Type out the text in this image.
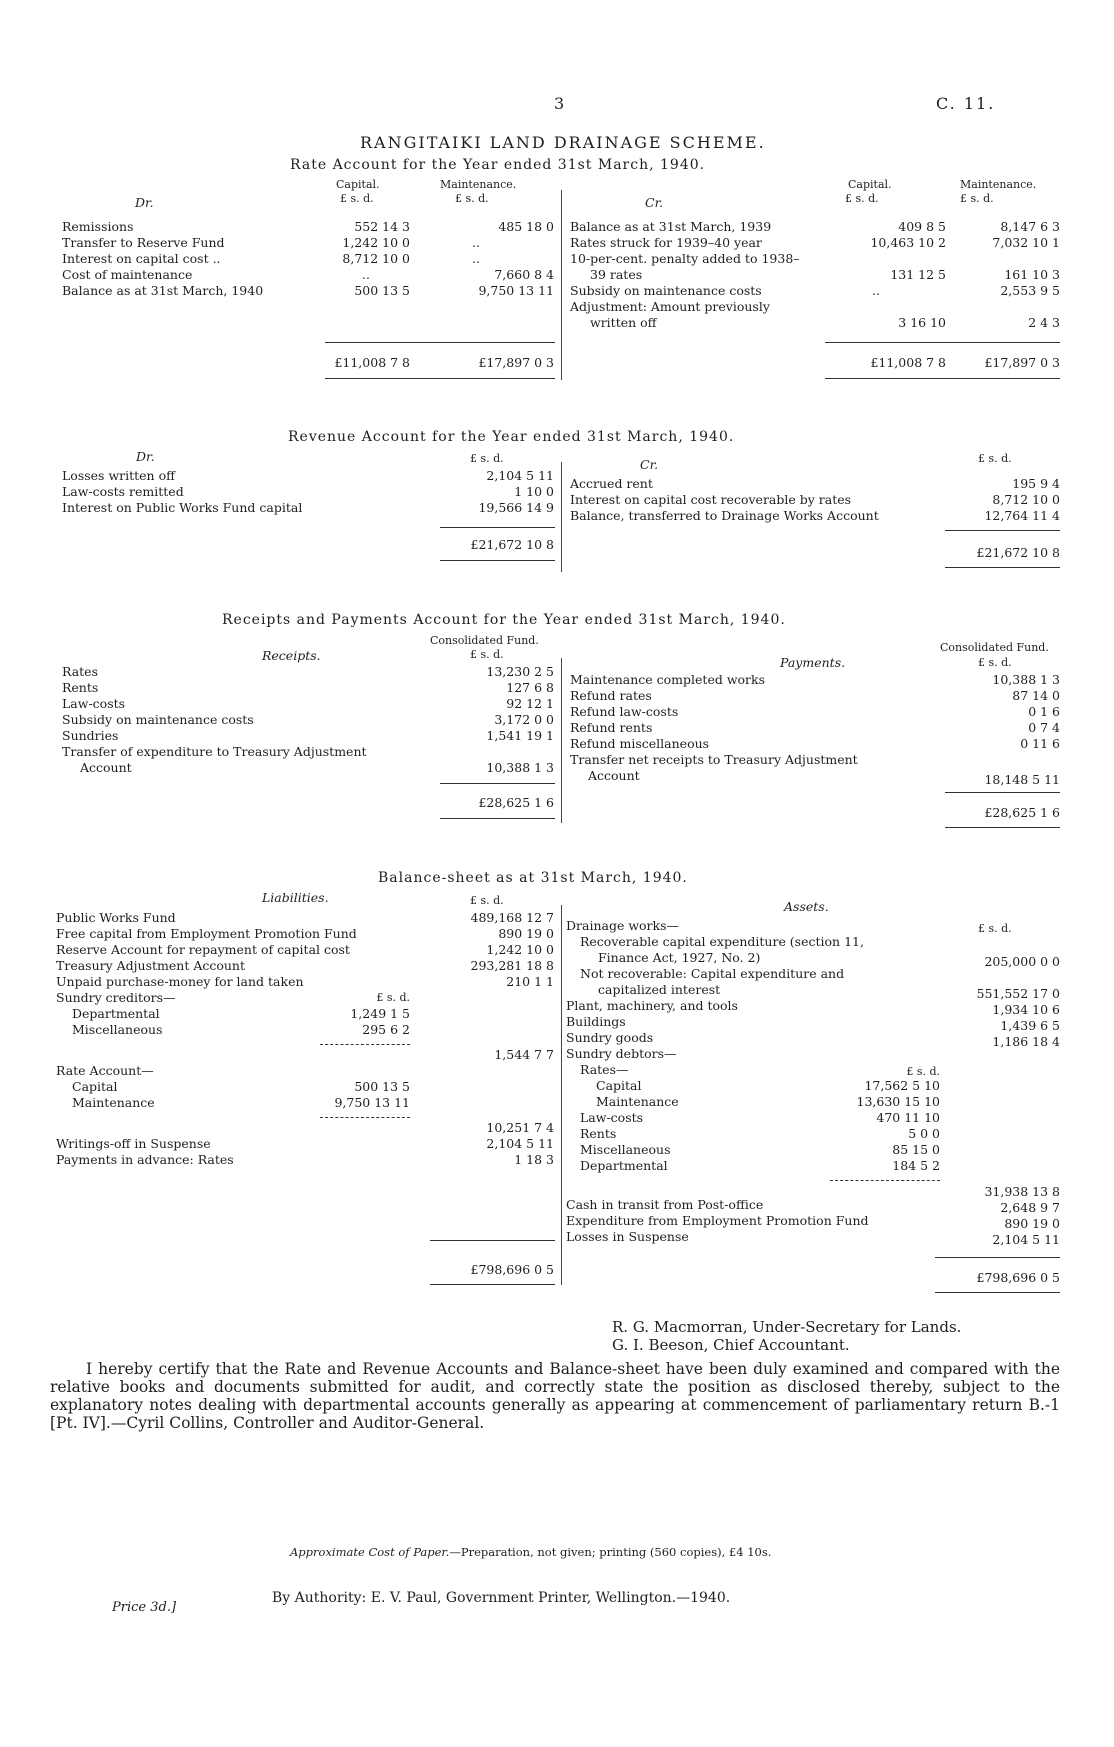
3	C. 11.
RANGITAIKI LAND DRAINAGE SCHEME.
Rate Account for the Year ended 31st March, 1940.
Dr.
Capital.	Maintenance.
£ s. d.	£ s. d.	Cr.
Capital.	Maintenance.
£ s. d.	£ s. d.
Remissions	552 14 3	485 18 0
Transfer to Reserve Fund	1,242 10 0	..
Interest on capital cost ..	8,712 10 0	..
Cost of maintenance	..	7,660 8 4
Balance as at 31st March, 1940	500 13 5	9,750 13 11
£11,008 7 8	£17,897 0 3
Balance as at 31st March, 1939	409 8 5	8,147 6 3
Rates struck for 1939–40 year	10,463 10 2	7,032 10 1
10-per-cent. penalty added to 1938–
39 rates	131 12 5	161 10 3
Subsidy on maintenance costs	..	2,553 9 5
Adjustment: Amount previously
written off	3 16 10	2 4 3
£11,008 7 8	£17,897 0 3
Revenue Account for the Year ended 31st March, 1940.
Dr.
Cr.
£ s. d.	£ s. d.
Losses written off	2,104 5 11
Law-costs remitted	1 10 0
Interest on Public Works Fund capital	19,566 14 9
£21,672 10 8
Accrued rent	195 9 4
Interest on capital cost recoverable by rates	8,712 10 0
Balance, transferred to Drainage Works Account	12,764 11 4
£21,672 10 8
Receipts and Payments Account for the Year ended 31st March, 1940.
Receipts.	Payments.
Consolidated Fund.
£ s. d.
Consolidated Fund.
£ s. d.
Rates	13,230 2 5
Rents	127 6 8
Law-costs	92 12 1
Subsidy on maintenance costs	3,172 0 0
Sundries	1,541 19 1
Transfer of expenditure to Treasury Adjustment
Account	10,388 1 3
£28,625 1 6
Maintenance completed works	10,388 1 3
Refund rates	87 14 0
Refund law-costs	0 1 6
Refund rents	0 7 4
Refund miscellaneous	0 11 6
Transfer net receipts to Treasury Adjustment
Account	18,148 5 11
£28,625 1 6
Balance-sheet as at 31st March, 1940.
Liabilities.
Assets.
£ s. d.
£ s. d.
Public Works Fund	489,168 12 7
Free capital from Employment Promotion Fund	890 19 0
Reserve Account for repayment of capital cost	1,242 10 0
Treasury Adjustment Account	293,281 18 8
Unpaid purchase-money for land taken	210 1 1
Sundry creditors—	£ s. d.
Departmental	1,249 1 5
Miscellaneous	295 6 2
1,544 7 7
Rate Account—
Capital	500 13 5
Maintenance	9,750 13 11
10,251 7 4
Writings-off in Suspense	2,104 5 11
Payments in advance: Rates	1 18 3
£798,696 0 5
Drainage works—
Recoverable capital expenditure (section 11,
Finance Act, 1927, No. 2)	205,000 0 0
Not recoverable: Capital expenditure and
capitalized interest	551,552 17 0
Plant, machinery, and tools	1,934 10 6
Buildings	1,439 6 5
Sundry goods	1,186 18 4
Sundry debtors—
Rates—	£ s. d.
Capital	17,562 5 10
Maintenance	13,630 15 10
Law-costs	470 11 10
Rents	5 0 0
Miscellaneous	85 15 0
Departmental	184 5 2
31,938 13 8
Cash in transit from Post-office	2,648 9 7
Expenditure from Employment Promotion Fund	890 19 0
Losses in Suspense	2,104 5 11
£798,696 0 5
R. G. Macmorran, Under-Secretary for Lands.
G. I. Beeson, Chief Accountant.
I hereby certify that the Rate and Revenue Accounts and Balance-sheet have been duly examined and compared with the relative books and documents submitted for audit, and correctly state the position as disclosed thereby, subject to the explanatory notes dealing with departmental accounts generally as appearing at commencement of parliamentary return B.-1 [Pt. IV].—Cyril Collins, Controller and Auditor-General.
Approximate Cost of Paper.—Preparation, not given; printing (560 copies), £4 10s.
Price 3d.]
By Authority: E. V. Paul, Government Printer, Wellington.—1940.
